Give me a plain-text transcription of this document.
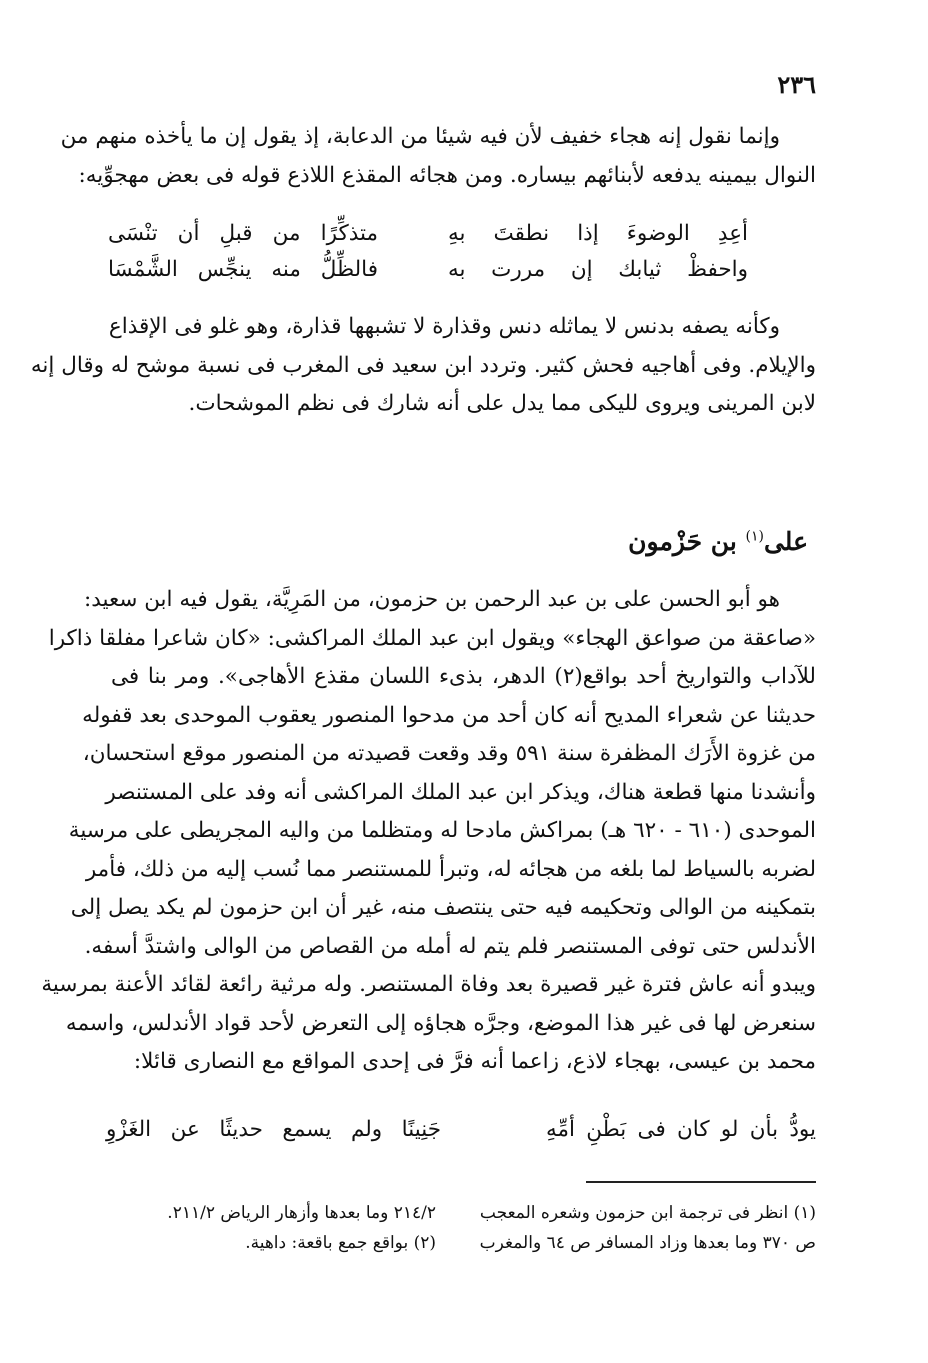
٢٣٦
وإنما نقول إنه هجاء خفيف لأن فيه شيئا من الدعابة، إذ يقول إن ما يأخذه منهم من
النوال بيمينه يدفعه لأبنائهم بيساره. ومن هجائه المقذع اللاذع قوله فى بعض مهجوِّيه:
أعِدِ الوضوءَ إذا نطقتَ بهِ
متذكِّرًا من قبلِ أن تنْسَى
واحفظْ ثيابك إن مررت به
فالظِّلُّ منه ينجِّس الشَّمْسَا
وكأنه يصفه بدنس لا يماثله دنس وقذارة لا تشبهها قذارة، وهو غلو فى الإقذاع
والإيلام. وفى أهاجيه فحش كثير. وتردد ابن سعيد فى المغرب فى نسبة موشح له وقال إنه
لابن المرينى ويروى لليكى مما يدل على أنه شارك فى نظم الموشحات.
على$^{(١)}$ بن حَزْمون
هو أبو الحسن على بن عبد الرحمن بن حزمون، من المَرِيَّة، يقول فيه ابن سعيد:
«صاعقة من صواعق الهجاء» ويقول ابن عبد الملك المراكشى: «كان شاعرا مفلقا ذاكرا
للآداب والتواريخ أحد بواقع(٢) الدهر، بذىء اللسان مقذع الأهاجى». ومر بنا فى
حديثنا عن شعراء المديح أنه كان أحد من مدحوا المنصور يعقوب الموحدى بعد قفوله
من غزوة الأَرَك المظفرة سنة ٥٩١ وقد وقعت قصيدته من المنصور موقع استحسان،
وأنشدنا منها قطعة هناك، ويذكر ابن عبد الملك المراكشى أنه وفد على المستنصر
الموحدى (٦١٠ - ٦٢٠ هـ) بمراكش مادحا له ومتظلما من واليه المجريطى على مرسية
لضربه بالسياط لما بلغه من هجائه له، وتبرأ للمستنصر مما نُسب إليه من ذلك، فأمر
بتمكينه من الوالى وتحكيمه فيه حتى ينتصف منه، غير أن ابن حزمون لم يكد يصل إلى
الأندلس حتى توفى المستنصر فلم يتم له أمله من القصاص من الوالى واشتدَّ أسفه.
ويبدو أنه عاش فترة غير قصيرة بعد وفاة المستنصر. وله مرثية رائعة لقائد الأعنة بمرسية
سنعرض لها فى غير هذا الموضع، وجرَّه هجاؤه إلى التعرض لأحد قواد الأندلس، واسمه
محمد بن عيسى، بهجاء لاذع، زاعما أنه فرَّ فى إحدى المواقع مع النصارى قائلا:
يودُّ بأن لو كان فى بَطْنِ أمِّهِ
جَنِينًا ولم يسمع حديثًا عن الغَزْوِ
(١) انظر فى ترجمة ابن حزمون وشعره المعجب
٢١٤/٢ وما بعدها وأزهار الرياض ٢١١/٢.
ص ٣٧٠ وما بعدها وزاد المسافر ص ٦٤ والمغرب
(٢) بواقع جمع باقعة: داهية.
